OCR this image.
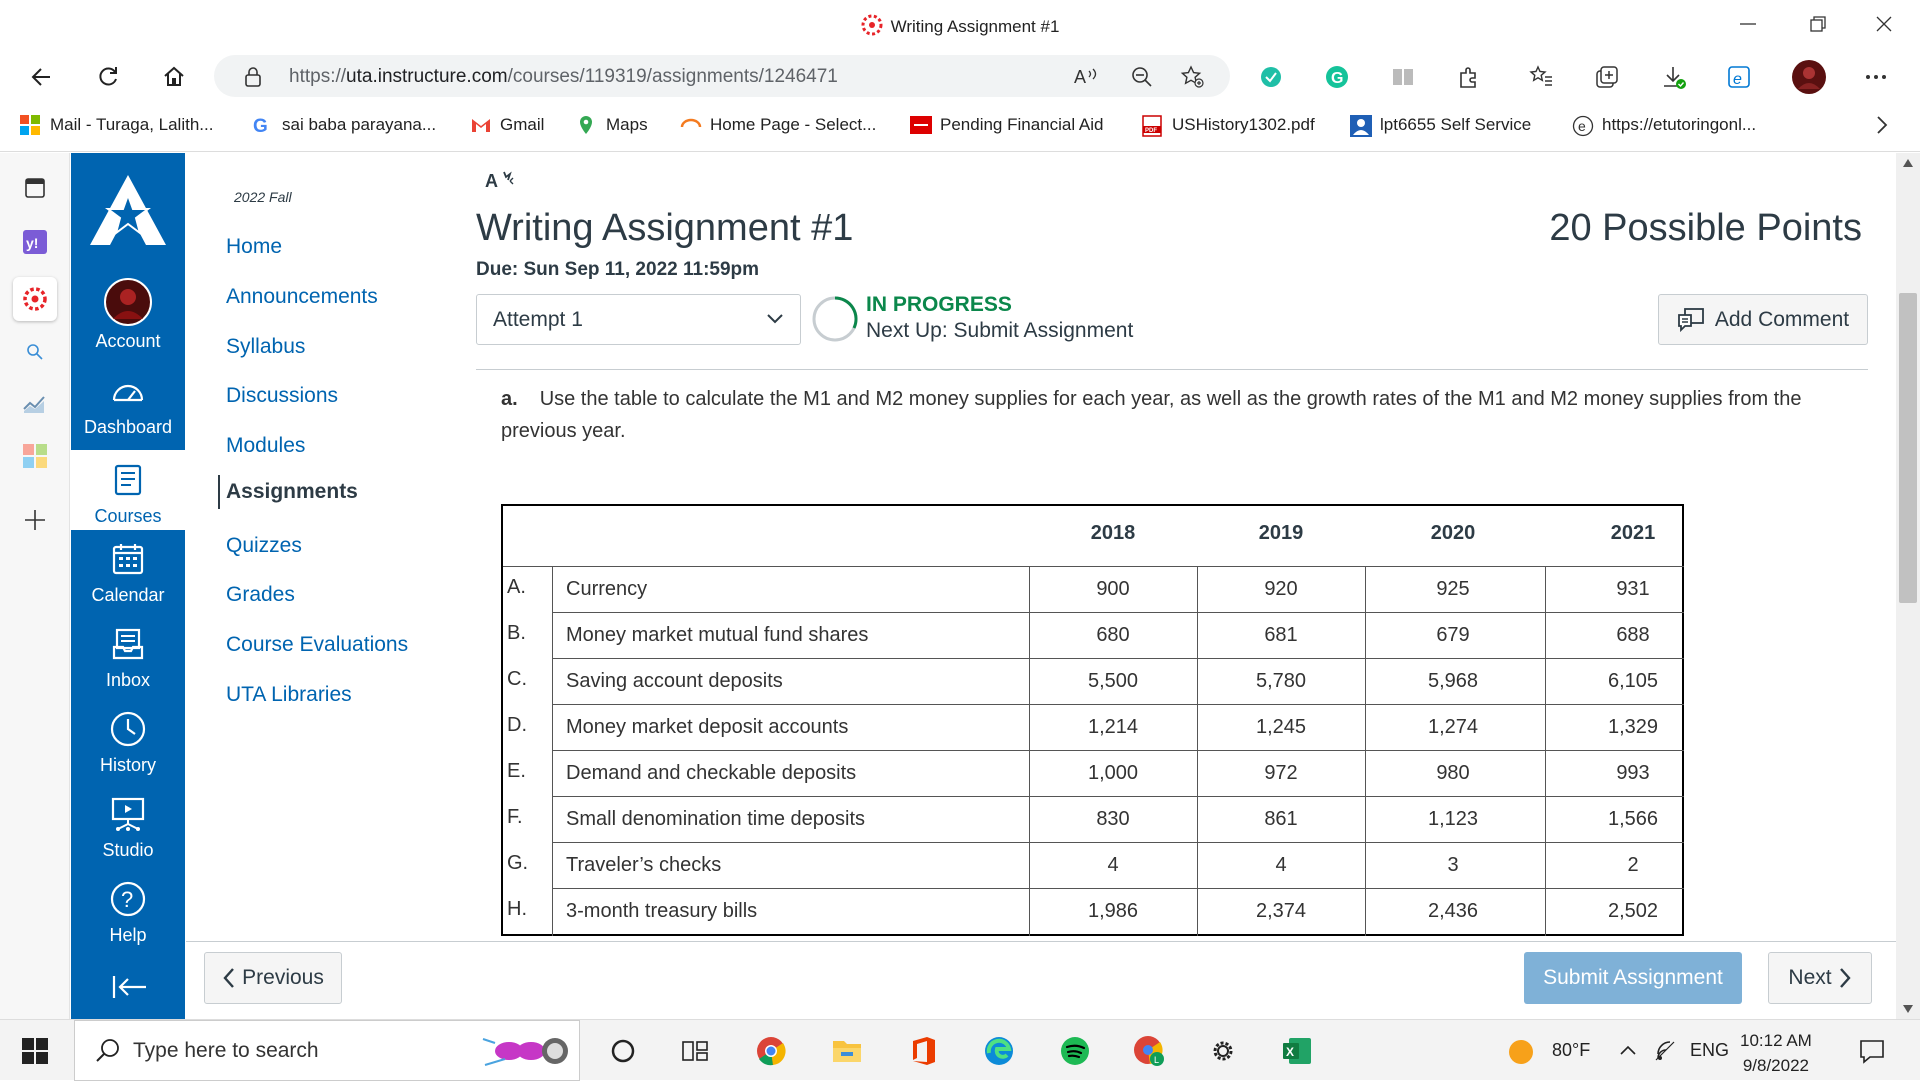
Writing Assignment #1
https://uta.instructure.com/courses/119319/assignments/1246471	A	G	e
Mail - Turaga, Lalith... G sai baba parayana...	Gmail	Maps	Home Page - Select...	Pending Financial Aid	PDF USHistory1302.pdf	lpt6655 Self Service	e https://etutoringonl...
y!
Account
Dashboard
Courses
Calendar
Inbox
History
Studio
?
Help
2022 Fall
Home
Announcements
Syllabus
Discussions
Modules
Assignments
Quizzes
Grades
Course Evaluations
UTA Libraries
A
Writing Assignment #1	20 Possible Points
Due: Sun Sep 11, 2022 11:59pm
Attempt 1
IN PROGRESS
Next Up: Submit Assignment	Add Comment
a. Use the table to calculate the M1 and M2 money supplies for each year, as well as the growth rates of the M1 and M2 money supplies from the previous year.
2018	2019	2020	2021
A. Currency	900	920	925	931
B. Money market mutual fund shares	680	681	679	688
C. Saving account deposits	5,500	5,780	5,968	6,105
D. Money market deposit accounts	1,214	1,245	1,274	1,329
E. Demand and checkable deposits	1,000	972	980	993
F. Small denomination time deposits	830	861	1,123	1,566
G. Traveler’s checks	4	4	3	2
H. 3-month treasury bills	1,986	2,374	2,436	2,502
Previous	Submit Assignment	Next
Type here to search	L
X	80°F	ENG 10:12 AM
9/8/2022
